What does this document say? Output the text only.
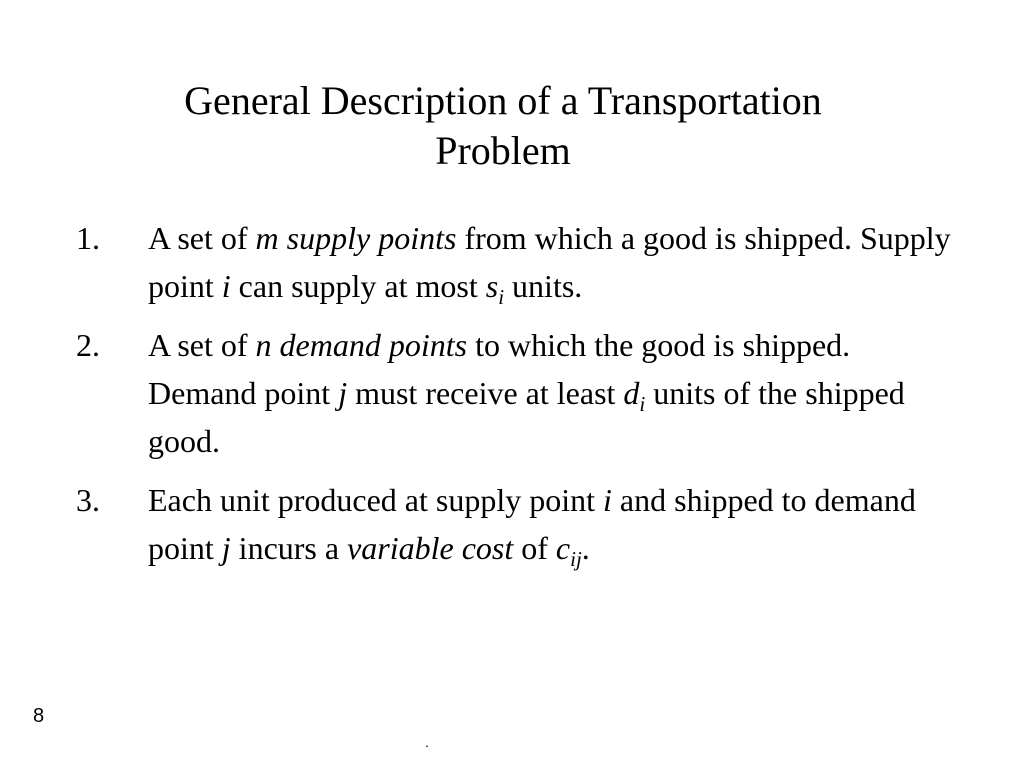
General Description of a Transportation
Problem
1. A set of m supply points from which a good is shipped. Supply point i can supply at most $s_i$ units.
2. A set of n demand points to which the good is shipped. Demand point j must receive at least $d_i$ units of the shipped good.
3. Each unit produced at supply point i and shipped to demand point j incurs a variable cost of $c_{ij}$.
8
.
